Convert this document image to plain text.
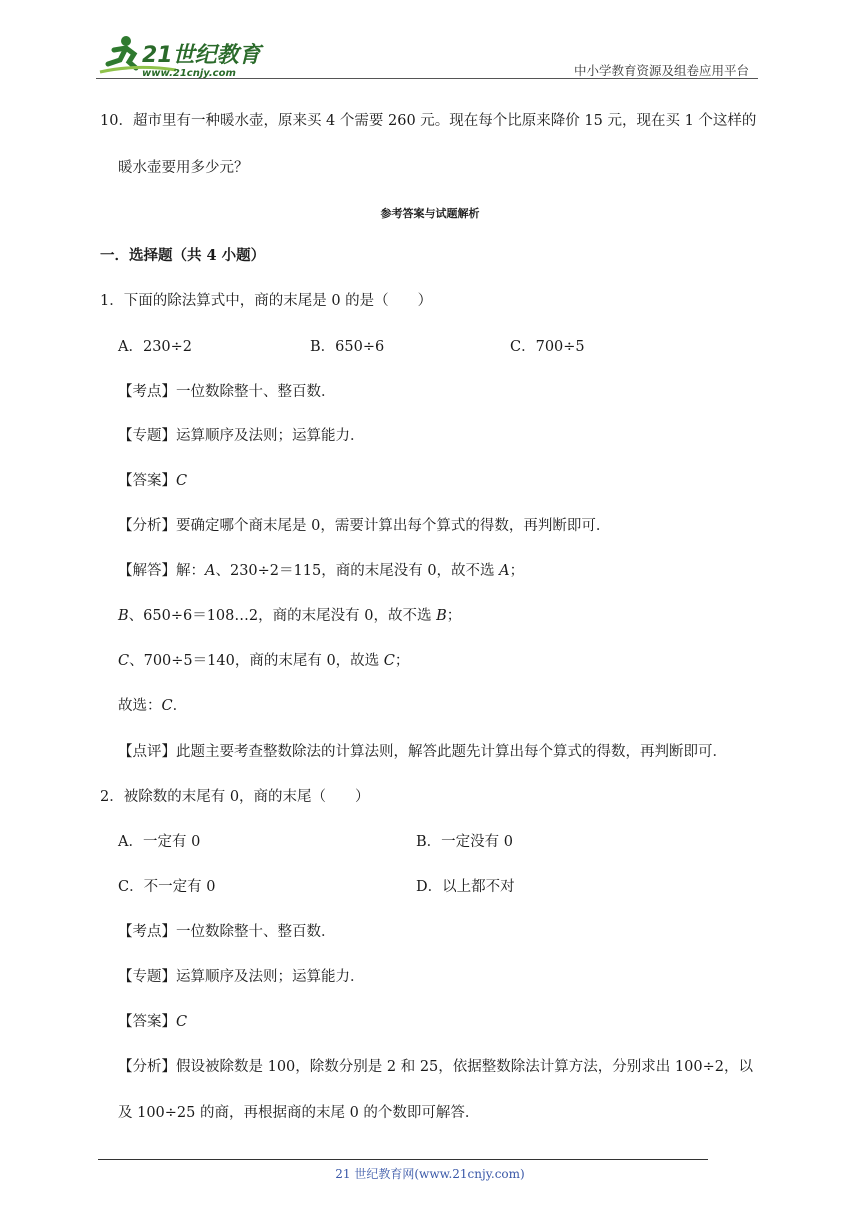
21世纪教育
www.21cnjy.com	中小学教育资源及组卷应用平台
10．超市里有一种暖水壶，原来买 4 个需要 260 元。现在每个比原来降价 15 元，现在买 1 个这样的
暖水壶要用多少元？
参考答案与试题解析
一．选择题（共 4 小题）
1．下面的除法算式中，商的末尾是 0 的是（　　）
A．230÷2	B．650÷6	C．700÷5
【考点】一位数除整十、整百数．
【专题】运算顺序及法则；运算能力．
【答案】C
【分析】要确定哪个商末尾是 0，需要计算出每个算式的得数，再判断即可．
【解答】解：A、230÷2＝115，商的末尾没有 0，故不选 A；
B、650÷6＝108…2，商的末尾没有 0，故不选 B；
C、700÷5＝140，商的末尾有 0，故选 C；
故选：C．
【点评】此题主要考查整数除法的计算法则，解答此题先计算出每个算式的得数，再判断即可．
2．被除数的末尾有 0，商的末尾（　　）
A．一定有 0	B．一定没有 0
C．不一定有 0	D．以上都不对
【考点】一位数除整十、整百数．
【专题】运算顺序及法则；运算能力．
【答案】C
【分析】假设被除数是 100，除数分别是 2 和 25，依据整数除法计算方法，分别求出 100÷2，以
及 100÷25 的商，再根据商的末尾 0 的个数即可解答．
21 世纪教育网(www.21cnjy.com)
